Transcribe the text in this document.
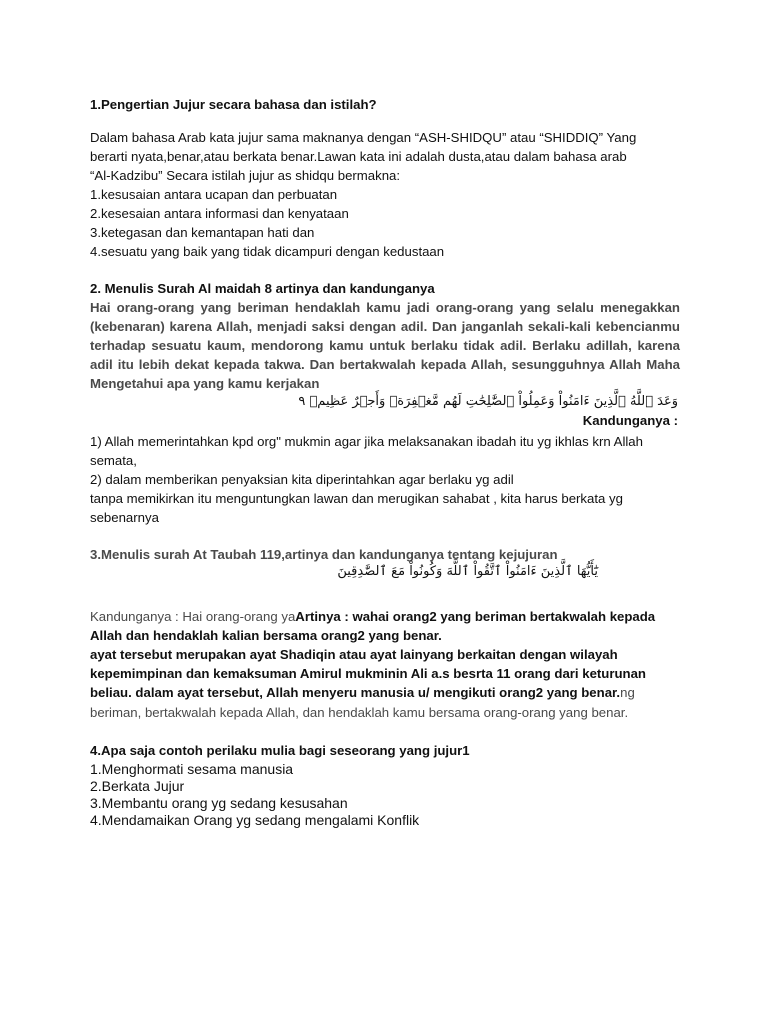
1.Pengertian Jujur secara bahasa dan istilah?
Dalam bahasa Arab kata jujur sama maknanya dengan “ASH-SHIDQU” atau “SHIDDIQ” Yang
berarti nyata,benar,atau berkata benar.Lawan kata ini adalah dusta,atau dalam bahasa arab
“Al-Kadzibu” Secara istilah jujur as shidqu bermakna:
1.kesusaian antara ucapan dan perbuatan
2.kesesaian antara informasi dan kenyataan
3.ketegasan dan kemantapan hati dan
4.sesuatu yang baik yang tidak dicampuri dengan kedustaan
2. Menulis Surah Al maidah 8 artinya dan kandunganya
Hai orang-orang yang beriman hendaklah kamu jadi orang-orang yang selalu menegakkan
(kebenaran) karena Allah, menjadi saksi dengan adil. Dan janganlah sekali-kali kebencianmu
terhadap sesuatu kaum, mendorong kamu untuk berlaku tidak adil. Berlaku adillah, karena
adil itu lebih dekat kepada takwa. Dan bertakwalah kepada Allah, sesungguhnya Allah Maha
Mengetahui apa yang kamu kerjakan
وَعَدَ ٱللَّهُ ٱلَّذِينَ ءَامَنُواْ وَعَمِلُواْ ٱلصَّٰلِحَٰتِ لَهُم مَّغۡفِرَةٞ وَأَجۡرٌ عَظِيمٞ ٩
Kandunganya :
1) Allah memerintahkan kpd org" mukmin agar jika melaksanakan ibadah itu yg ikhlas krn Allah
semata,
2) dalam memberikan penyaksian kita diperintahkan agar berlaku yg adil
tanpa memikirkan itu menguntungkan lawan dan merugikan sahabat , kita harus berkata yg
sebenarnya
3.Menulis surah At Taubah 119,artinya dan kandunganya tentang kejujuran
يَٰٓأَيُّهَا ٱلَّذِينَ ءَامَنُواْ ٱتَّقُواْ ٱللَّهَ وَكُونُواْ مَعَ ٱلصَّٰدِقِينَ
Kandunganya : Hai orang-orang yaArtinya : wahai orang2 yang beriman bertakwalah kepada
Allah dan hendaklah kalian bersama orang2 yang benar.
ayat tersebut merupakan ayat Shadiqin atau ayat lainyang berkaitan dengan wilayah
kepemimpinan dan kemaksuman Amirul mukminin Ali a.s besrta 11 orang dari keturunan
beliau. dalam ayat tersebut, Allah menyeru manusia u/ mengikuti orang2 yang benar.ng
beriman, bertakwalah kepada Allah, dan hendaklah kamu bersama orang-orang yang benar.
4.Apa saja contoh perilaku mulia bagi seseorang yang jujur1
1.Menghormati sesama manusia
2.Berkata Jujur
3.Membantu orang yg sedang kesusahan
4.Mendamaikan Orang yg sedang mengalami Konflik
